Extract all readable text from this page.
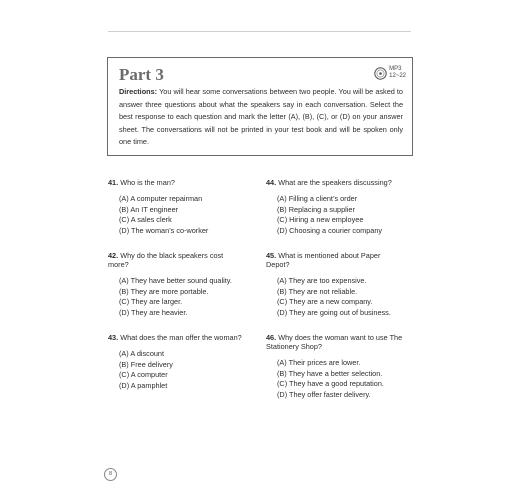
Part 3	MP3
12~22
Directions: You will hear some conversations between two people. You will be asked to answer three questions about what the speakers say in each conversation. Select the best response to each question and mark the letter (A), (B), (C), or (D) on your answer sheet. The conversations will not be printed in your test book and will be spoken only one time.
41. Who is the man?
(A) A computer repairman
(B) An IT engineer
(C) A sales clerk
(D) The woman’s co-worker
42. Why do the black speakers cost more?
(A) They have better sound quality.
(B) They are more portable.
(C) They are larger.
(D) They are heavier.
43. What does the man offer the woman?
(A) A discount
(B) Free delivery
(C) A computer
(D) A pamphlet
44. What are the speakers discussing?
(A) Filling a client’s order
(B) Replacing a supplier
(C) Hiring a new employee
(D) Choosing a courier company
45. What is mentioned about Paper Depot?
(A) They are too expensive.
(B) They are not reliable.
(C) They are a new company.
(D) They are going out of business.
46. Why does the woman want to use The Stationery Shop?
(A) Their prices are lower.
(B) They have a better selection.
(C) They have a good reputation.
(D) They offer faster delivery.
8
